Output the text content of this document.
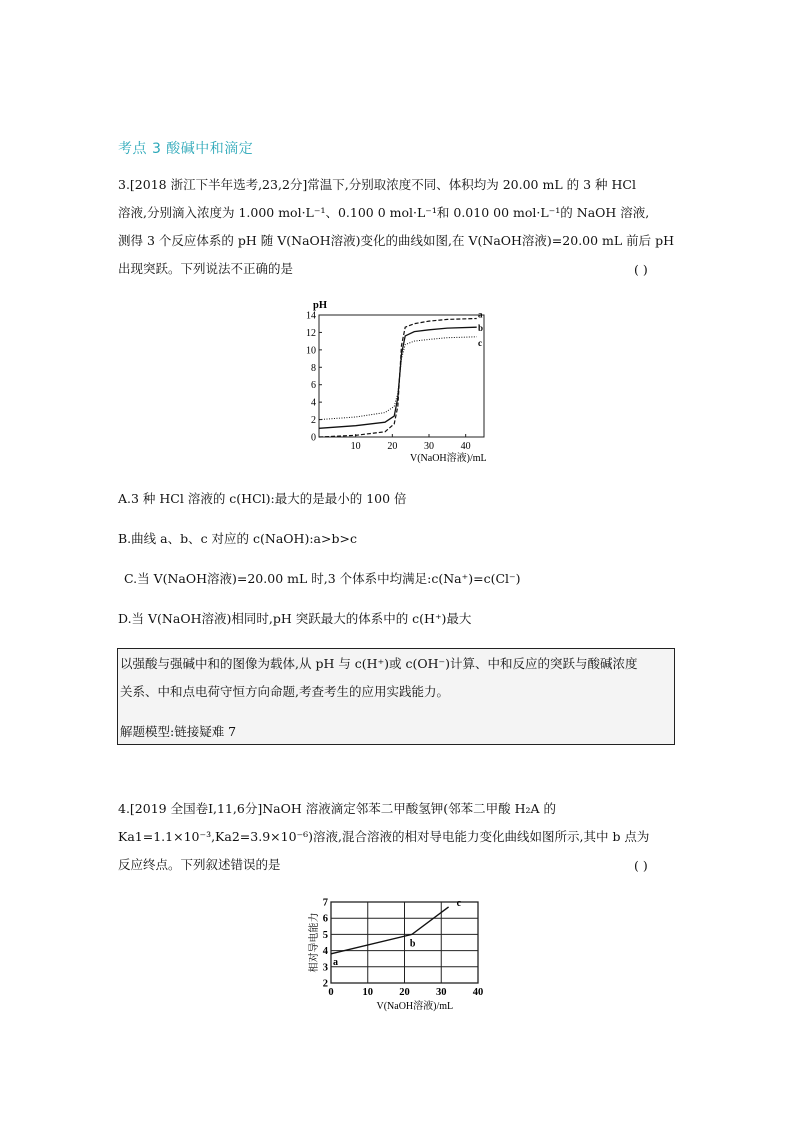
考点 3 酸碱中和滴定
3.[2018 浙江下半年选考,23,2分]常温下,分别取浓度不同、体积均为 20.00 mL 的 3 种 HCl
溶液,分别滴入浓度为 1.000 mol·L⁻¹、0.100 0 mol·L⁻¹和 0.010 00 mol·L⁻¹的 NaOH 溶液,
测得 3 个反应体系的 pH 随 V(NaOH溶液)变化的曲线如图,在 V(NaOH溶液)=20.00 mL 前后 pH
出现突跃。下列说法不正确的是	( )
0
2
4
6
8
10
12
14
10	20	30	40
pH
V(NaOH溶液)/mL
a
b
c
A.3 种 HCl 溶液的 c(HCl):最大的是最小的 100 倍
B.曲线 a、b、c 对应的 c(NaOH):a>b>c
C.当 V(NaOH溶液)=20.00 mL 时,3 个体系中均满足:c(Na⁺)=c(Cl⁻)
D.当 V(NaOH溶液)相同时,pH 突跃最大的体系中的 c(H⁺)最大
以强酸与强碱中和的图像为载体,从 pH 与 c(H⁺)或 c(OH⁻)计算、中和反应的突跃与酸碱浓度
关系、中和点电荷守恒方向命题,考查考生的应用实践能力。
解题模型:链接疑难 7
4.[2019 全国卷Ⅰ,11,6分]NaOH 溶液滴定邻苯二甲酸氢钾(邻苯二甲酸 H₂A 的
Ka1=1.1×10⁻³,Ka2=3.9×10⁻⁶)溶液,混合溶液的相对导电能力变化曲线如图所示,其中 b 点为
反应终点。下列叙述错误的是	( )
2
3
4
5
6
7
0	10	20	30	40
相对导电能力
V(NaOH溶液)/mL
a
b
c
